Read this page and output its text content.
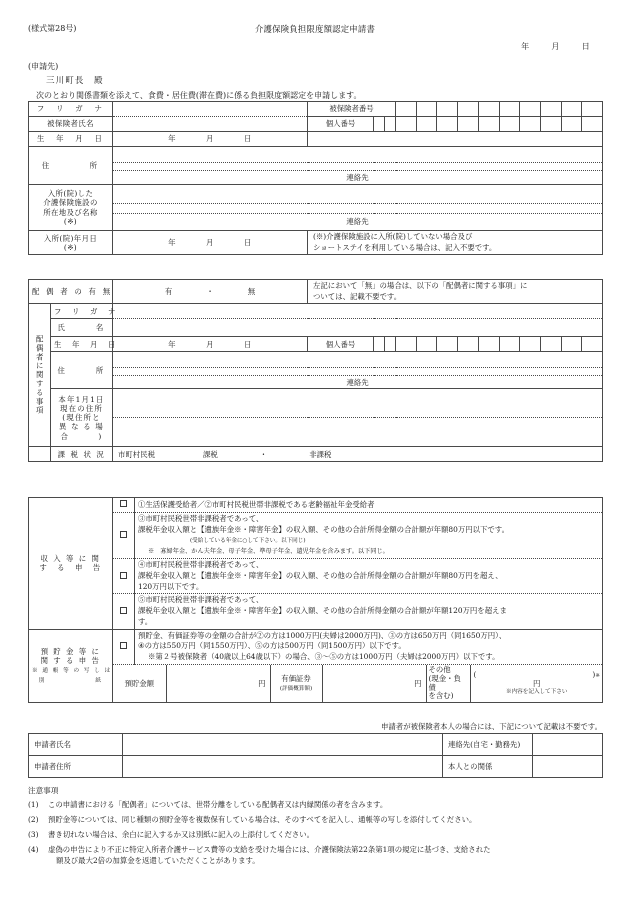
(様式第28号)	介護保険負担限度額認定申請書
年	月	日
(申請先)
三川町長　殿
次のとおり関係書類を添えて、食費・居住費(滞在費)に係る負担限度額認定を申請します。
フ　リ　ガ　ナ		被保険者番号		

被保険者氏名		個人番号	

生　年　月　日	年 月 日			
住　　　　所				

	連絡先			
入所(院)した
介護保険施設の
所在地及び名称
(※)				

	連絡先			
入所(院)年月日
(※)	年 月 日	(※)介護保険施設に入所(院)していない場合及び
ショートステイを利用している場合は、記入不要です。		
配 偶 者 の 有 無		有 ・ 無	左記において「無」の場合は、以下の「配偶者に関する事項」に
ついては、記載不要です。		

配偶者に関する事項	フ　リ　ガ　ナ				
	氏　　　名				
	生　年　月　日	年 月 日	個人番号	

	住　　　所				

		連絡先			
	本年1月1日
現在の住所
(現住所と
異 な る 場
合　　　 )				

	課 税 状 況	市町村民税 課税 ・ 非課税			
収 入 等 に 関
す　る　申　告		①生活保護受給者／②市町村民税世帯非課税である老齢福祉年金受給者
	③市町村民税世帯非課税者であって、
課税年金収入額と【遺族年金※・障害年金】の収入額、その他の合計所得金額の合計額が年額80万円以下です。
(受給している年金に○して下さい。以下同じ)
※　寡婦年金、かん夫年金、母子年金、準母子年金、遺児年金を含みます。以下同じ。
	④市町村民税世帯非課税者であって、
課税年金収入額と【遺族年金※・障害年金】の収入額、その他の合計所得金額の合計額が年額80万円を超え、
120万円以下です。
	⑤市町村民税世帯非課税者であって、
課税年金収入額と【遺族年金※・障害年金】の収入額、その他の合計所得金額の合計額が年額120万円を超えま
す。
預 貯 金 等 に
関 す る 申 告
※ 通 帳 等 の 写 し は
別　　　　　　　紙		預貯金、有価証券等の金額の合計が②の方は1000万円(夫婦は2000万円)、③の方は650万円（同1650万円）、
④の方は550万円（同1550万円）、⑤の方は500万円（同1500万円）以下です。
※第２号被保険者（40歳以上64歳以下）の場合、③〜⑤の方は1000万円（夫婦は2000万円）以下です。

預貯金額	円	有価証券
(評価概算額)	円	その他
(現金・負債
を含む)	
(	)※
円
※内容を記入して下さい
申請者が被保険者本人の場合には、下記について記載は不要です。
申請者氏名		連絡先(自宅・勤務先)	
申請者住所		本人との関係	
注意事項
(1)	この申請書における「配偶者」については、世帯分離をしている配偶者又は内縁関係の者を含みます。
(2)	預貯金等については、同じ種類の預貯金等を複数保有している場合は、そのすべてを記入し、通帳等の写しを添付してください。
(3)	書き切れない場合は、余白に記入するか又は別紙に記入の上添付してください。
(4)	虚偽の申告により不正に特定入所者介護サービス費等の支給を受けた場合には、介護保険法第22条第1項の規定に基づき、支給された
額及び最大2倍の加算金を返還していただくことがあります。
